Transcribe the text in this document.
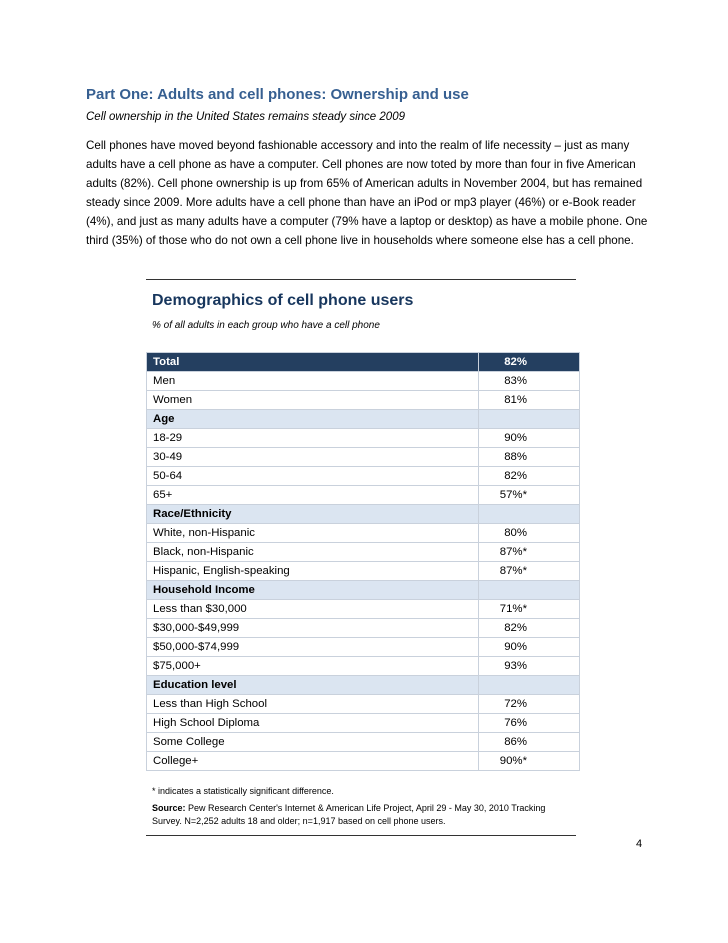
Part One: Adults and cell phones: Ownership and use

Cell ownership in the United States remains steady since 2009

Cell phones have moved beyond fashionable accessory and into the realm of life necessity – just as many adults have a cell phone as have a computer. Cell phones are now toted by more than four in five American adults (82%). Cell phone ownership is up from 65% of American adults in November 2004, but has remained steady since 2009. More adults have a cell phone than have an iPod or mp3 player (46%) or e-Book reader (4%), and just as many adults have a computer (79% have a laptop or desktop) as have a mobile phone. One third (35%) of those who do not own a cell phone live in households where someone else has a cell phone.

Demographics of cell phone users

% of all adults in each group who have a cell phone

Total	82%
Men	83%
Women	81%
Age	
18-29	90%
30-49	88%
50-64	82%
65+	57%*
Race/Ethnicity	
White, non-Hispanic	80%
Black, non-Hispanic	87%*
Hispanic, English-speaking	87%*
Household Income	
Less than $30,000	71%*
$30,000-$49,999	82%
$50,000-$74,999	90%
$75,000+	93%
Education level	
Less than High School	72%
High School Diploma	76%
Some College	86%
College+	90%*

* indicates a statistically significant difference.

Source: Pew Research Center's Internet & American Life Project, April 29 - May 30, 2010 Tracking Survey. N=2,252 adults 18 and older; n=1,917 based on cell phone users.

4
